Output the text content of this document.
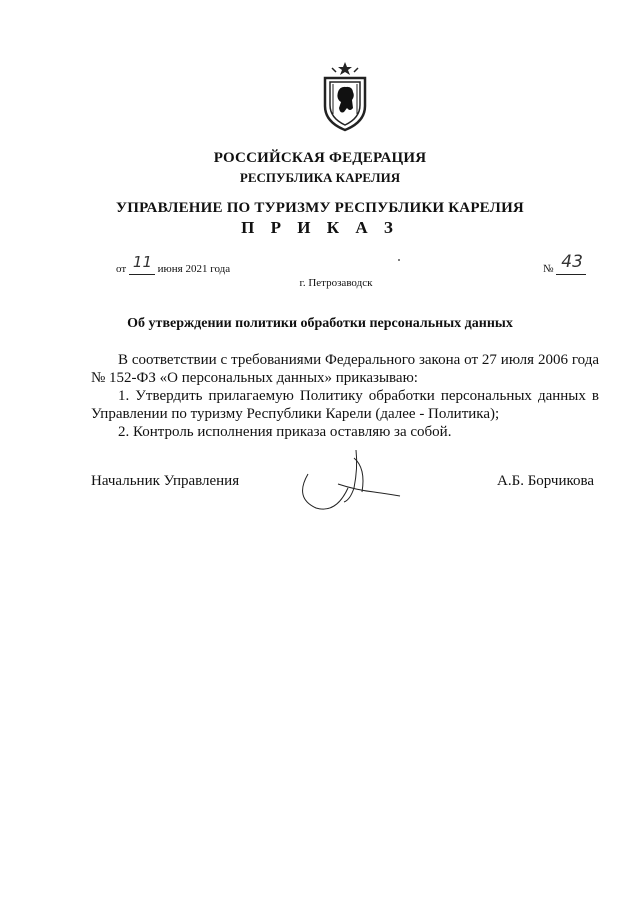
РОССИЙСКАЯ ФЕДЕРАЦИЯ
РЕСПУБЛИКА КАРЕЛИЯ
УПРАВЛЕНИЕ ПО ТУРИЗМУ РЕСПУБЛИКИ КАРЕЛИЯ
П Р И К А З
от 11 июня 2021 года	№ 43
г. Петрозаводск
Об утверждении политики обработки персональных данных

В соответствии с требованиями Федерального закона от 27 июля 2006 года № 152-ФЗ «О персональных данных» приказываю:

1. Утвердить прилагаемую Политику обработки персональных данных в Управлении по туризму Республики Карели (далее - Политика);

2. Контроль исполнения приказа оставляю за собой.

Начальник Управления	А.Б. Борчикова
